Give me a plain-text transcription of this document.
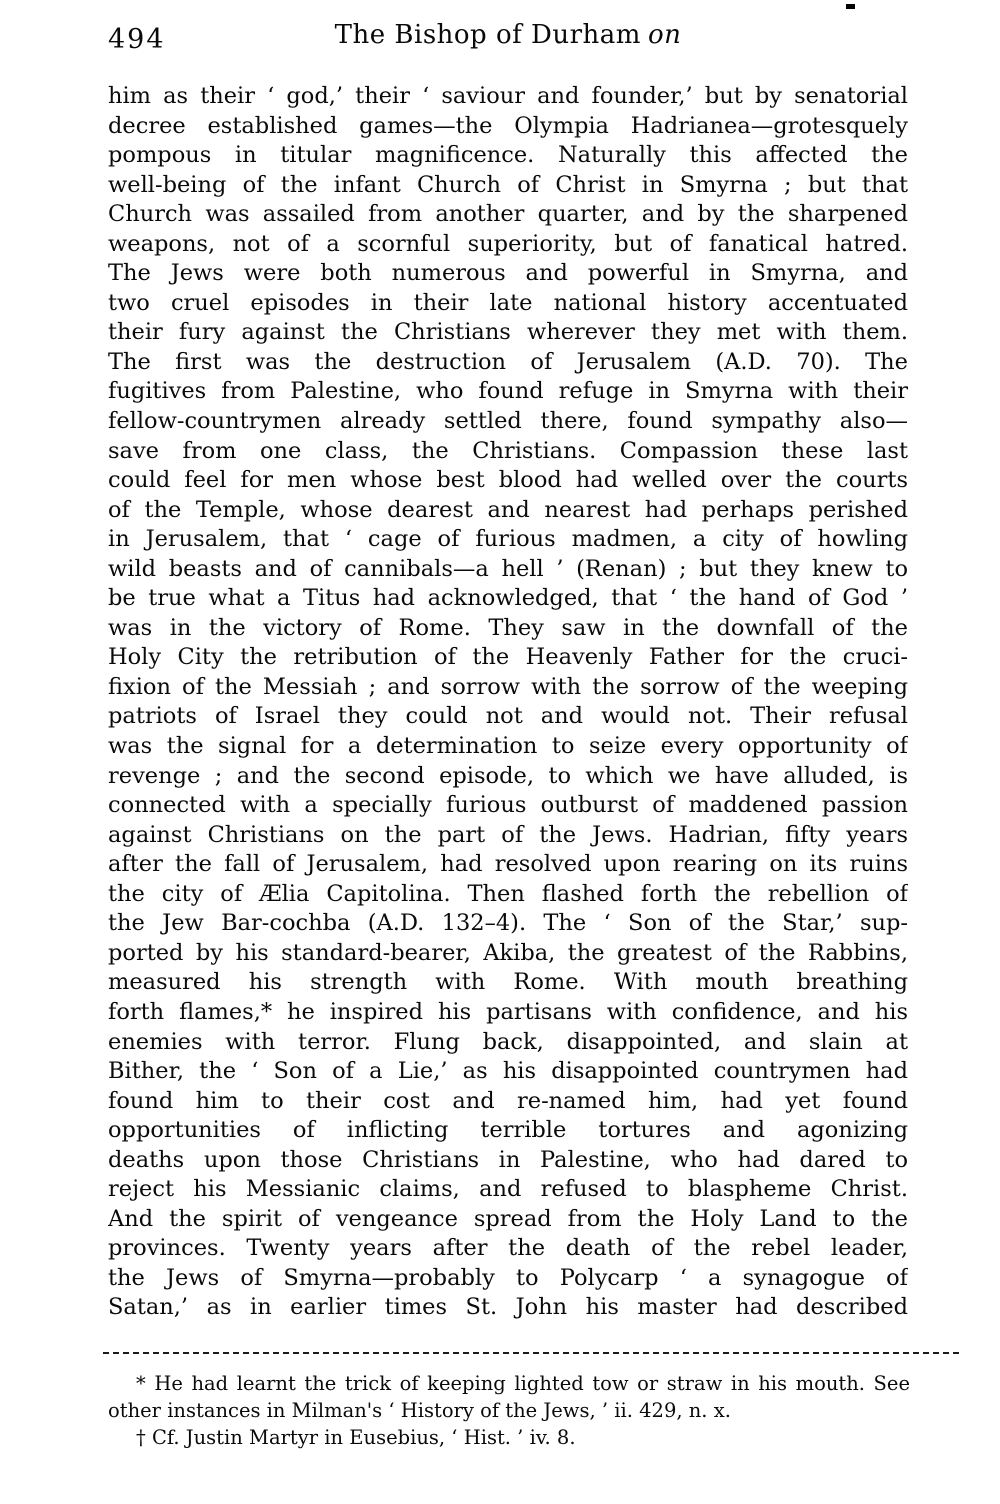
494	The Bishop of Durham on
him as their ‘ god,’ their ‘ saviour and founder,’ but by senatorial
decree established games—the Olympia Hadrianea—grotesquely
pompous in titular magnificence. Naturally this affected the
well-being of the infant Church of Christ in Smyrna ; but that
Church was assailed from another quarter, and by the sharpened
weapons, not of a scornful superiority, but of fanatical hatred.
The Jews were both numerous and powerful in Smyrna, and
two cruel episodes in their late national history accentuated
their fury against the Christians wherever they met with them.
The first was the destruction of Jerusalem (A.D. 70). The
fugitives from Palestine, who found refuge in Smyrna with their
fellow-countrymen already settled there, found sympathy also—
save from one class, the Christians. Compassion these last
could feel for men whose best blood had welled over the courts
of the Temple, whose dearest and nearest had perhaps perished
in Jerusalem, that ‘ cage of furious madmen, a city of howling
wild beasts and of cannibals—a hell ’ (Renan) ; but they knew to
be true what a Titus had acknowledged, that ‘ the hand of God ’
was in the victory of Rome. They saw in the downfall of the
Holy City the retribution of the Heavenly Father for the cruci-
fixion of the Messiah ; and sorrow with the sorrow of the weeping
patriots of Israel they could not and would not. Their refusal
was the signal for a determination to seize every opportunity of
revenge ; and the second episode, to which we have alluded, is
connected with a specially furious outburst of maddened passion
against Christians on the part of the Jews. Hadrian, fifty years
after the fall of Jerusalem, had resolved upon rearing on its ruins
the city of Ælia Capitolina. Then flashed forth the rebellion of
the Jew Bar-cochba (A.D. 132–4). The ‘ Son of the Star,’ sup-
ported by his standard-bearer, Akiba, the greatest of the Rabbins,
measured his strength with Rome. With mouth breathing
forth flames,* he inspired his partisans with confidence, and his
enemies with terror. Flung back, disappointed, and slain at
Bither, the ‘ Son of a Lie,’ as his disappointed countrymen had
found him to their cost and re-named him, had yet found
opportunities of inflicting terrible tortures and agonizing
deaths upon those Christians in Palestine, who had dared to
reject his Messianic claims, and refused to blaspheme Christ.
And the spirit of vengeance spread from the Holy Land to the
provinces. Twenty years after the death of the rebel leader,
the Jews of Smyrna—probably to Polycarp ‘ a synagogue of
Satan,’ as in earlier times St. John his master had described
* He had learnt the trick of keeping lighted tow or straw in his mouth. See
other instances in Milman's ‘ History of the Jews, ’ ii. 429, n. x.
† Cf. Justin Martyr in Eusebius, ‘ Hist. ’ iv. 8.
